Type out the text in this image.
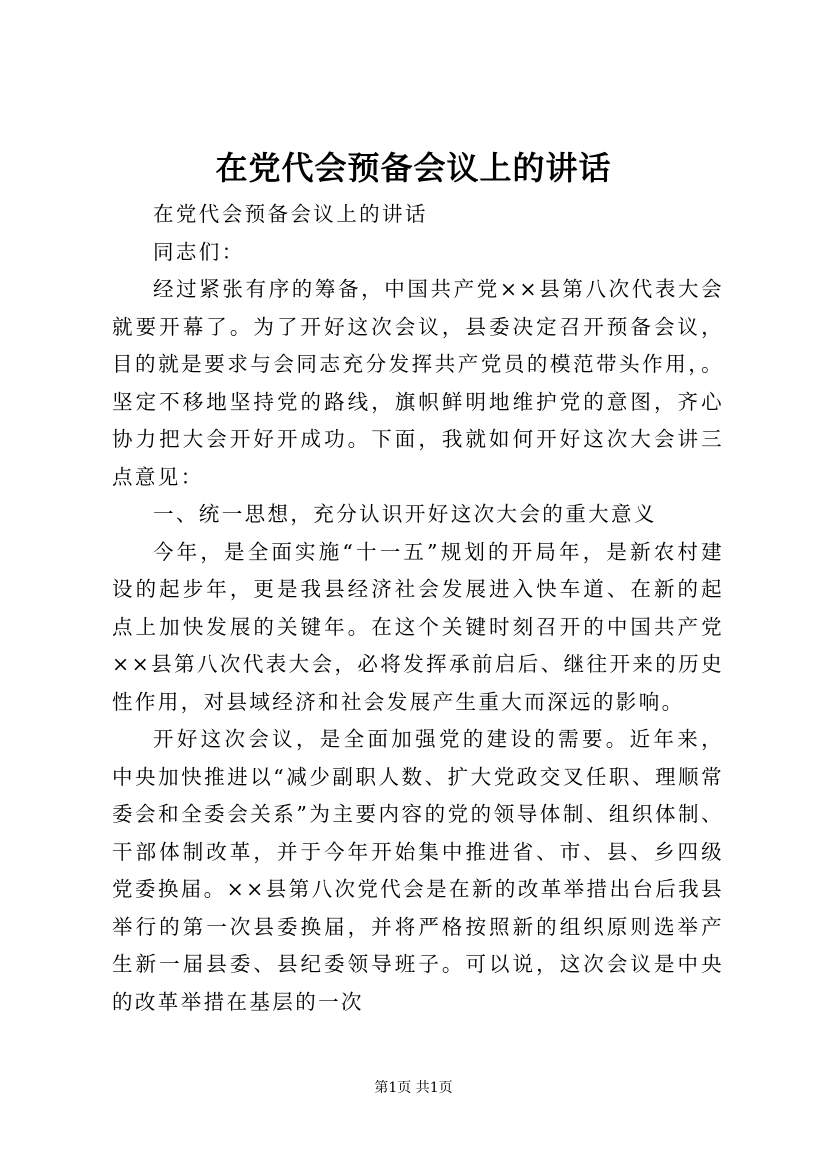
在党代会预备会议上的讲话

在党代会预备会议上的讲话

同志们：

经过紧张有序的筹备，中国共产党××县第八次代表大会就要开幕了。为了开好这次会议，县委决定召开预备会议，目的就是要求与会同志充分发挥共产党员的模范带头作用，。坚定不移地坚持党的路线，旗帜鲜明地维护党的意图，齐心协力把大会开好开成功。下面，我就如何开好这次大会讲三点意见：

一、统一思想，充分认识开好这次大会的重大意义

今年，是全面实施“十一五”规划的开局年，是新农村建设的起步年，更是我县经济社会发展进入快车道、在新的起点上加快发展的关键年。在这个关键时刻召开的中国共产党××县第八次代表大会，必将发挥承前启后、继往开来的历史性作用，对县域经济和社会发展产生重大而深远的影响。

开好这次会议，是全面加强党的建设的需要。近年来，中央加快推进以“减少副职人数、扩大党政交叉任职、理顺常委会和全委会关系”为主要内容的党的领导体制、组织体制、干部体制改革，并于今年开始集中推进省、市、县、乡四级党委换届。××县第八次党代会是在新的改革举措出台后我县举行的第一次县委换届，并将严格按照新的组织原则选举产生新一届县委、县纪委领导班子。可以说，这次会议是中央的改革举措在基层的一次

第1页 共1页
